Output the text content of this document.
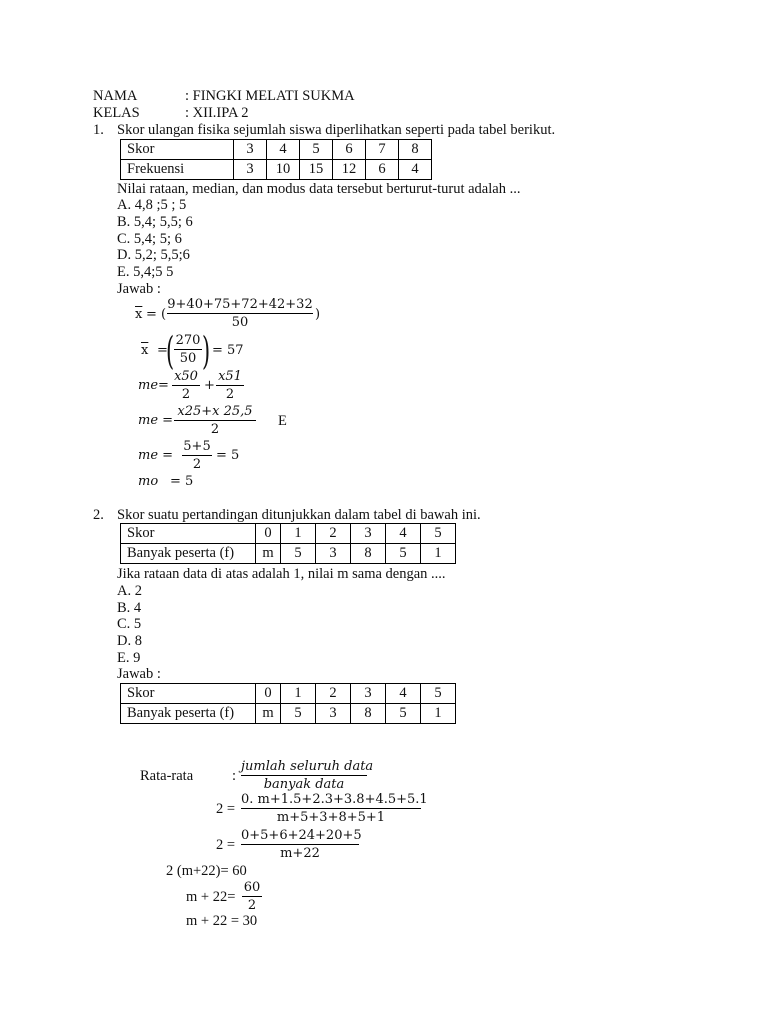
NAMA	: FINGKI MELATI SUKMA
KELAS	: XII.IPA 2
1. Skor ulangan fisika sejumlah siswa diperlihatkan seperti pada tabel berikut.
Skor	3	4	5	6	7	8
Frekuensi	3	10	15	12	6	4
Nilai rataan, median, dan modus data tersebut berturut-turut adalah ...
A. 4,8 ;5 ; 5
B. 5,4; 5,5; 6
C. 5,4; 5; 6
D. 5,2; 5,5;6
E. 5,4;5 5
Jawab :
$\overline{x}$ = (
9+40+75+72+42+32
50
)
$\overline{x}$ =
( 270
50 ) = 57
me=
x50
2
+
x51
2
me =
x25+x 25,5
2
E
me =
5+5
2
= 5
mo = 5
2. Skor suatu pertandingan ditunjukkan dalam tabel di bawah ini.
Skor	0	1	2	3	4	5
Banyak peserta (f)	m	5	3	8	5	1
Jika rataan data di atas adalah 1, nilai m sama dengan ....
A. 2
B. 4
C. 5
D. 8
E. 9
Jawab :
Skor	0	1	2	3	4	5
Banyak peserta (f)	m	5	3	8	5	1
Rata-rata	:
jumlah seluruh data
banyak data
2 =
0. m+1.5+2.3+3.8+4.5+5.1
m+5+3+8+5+1
2 =
0+5+6+24+20+5
m+22
2 (m+22)= 60
m + 22=
60
2
m + 22 = 30
